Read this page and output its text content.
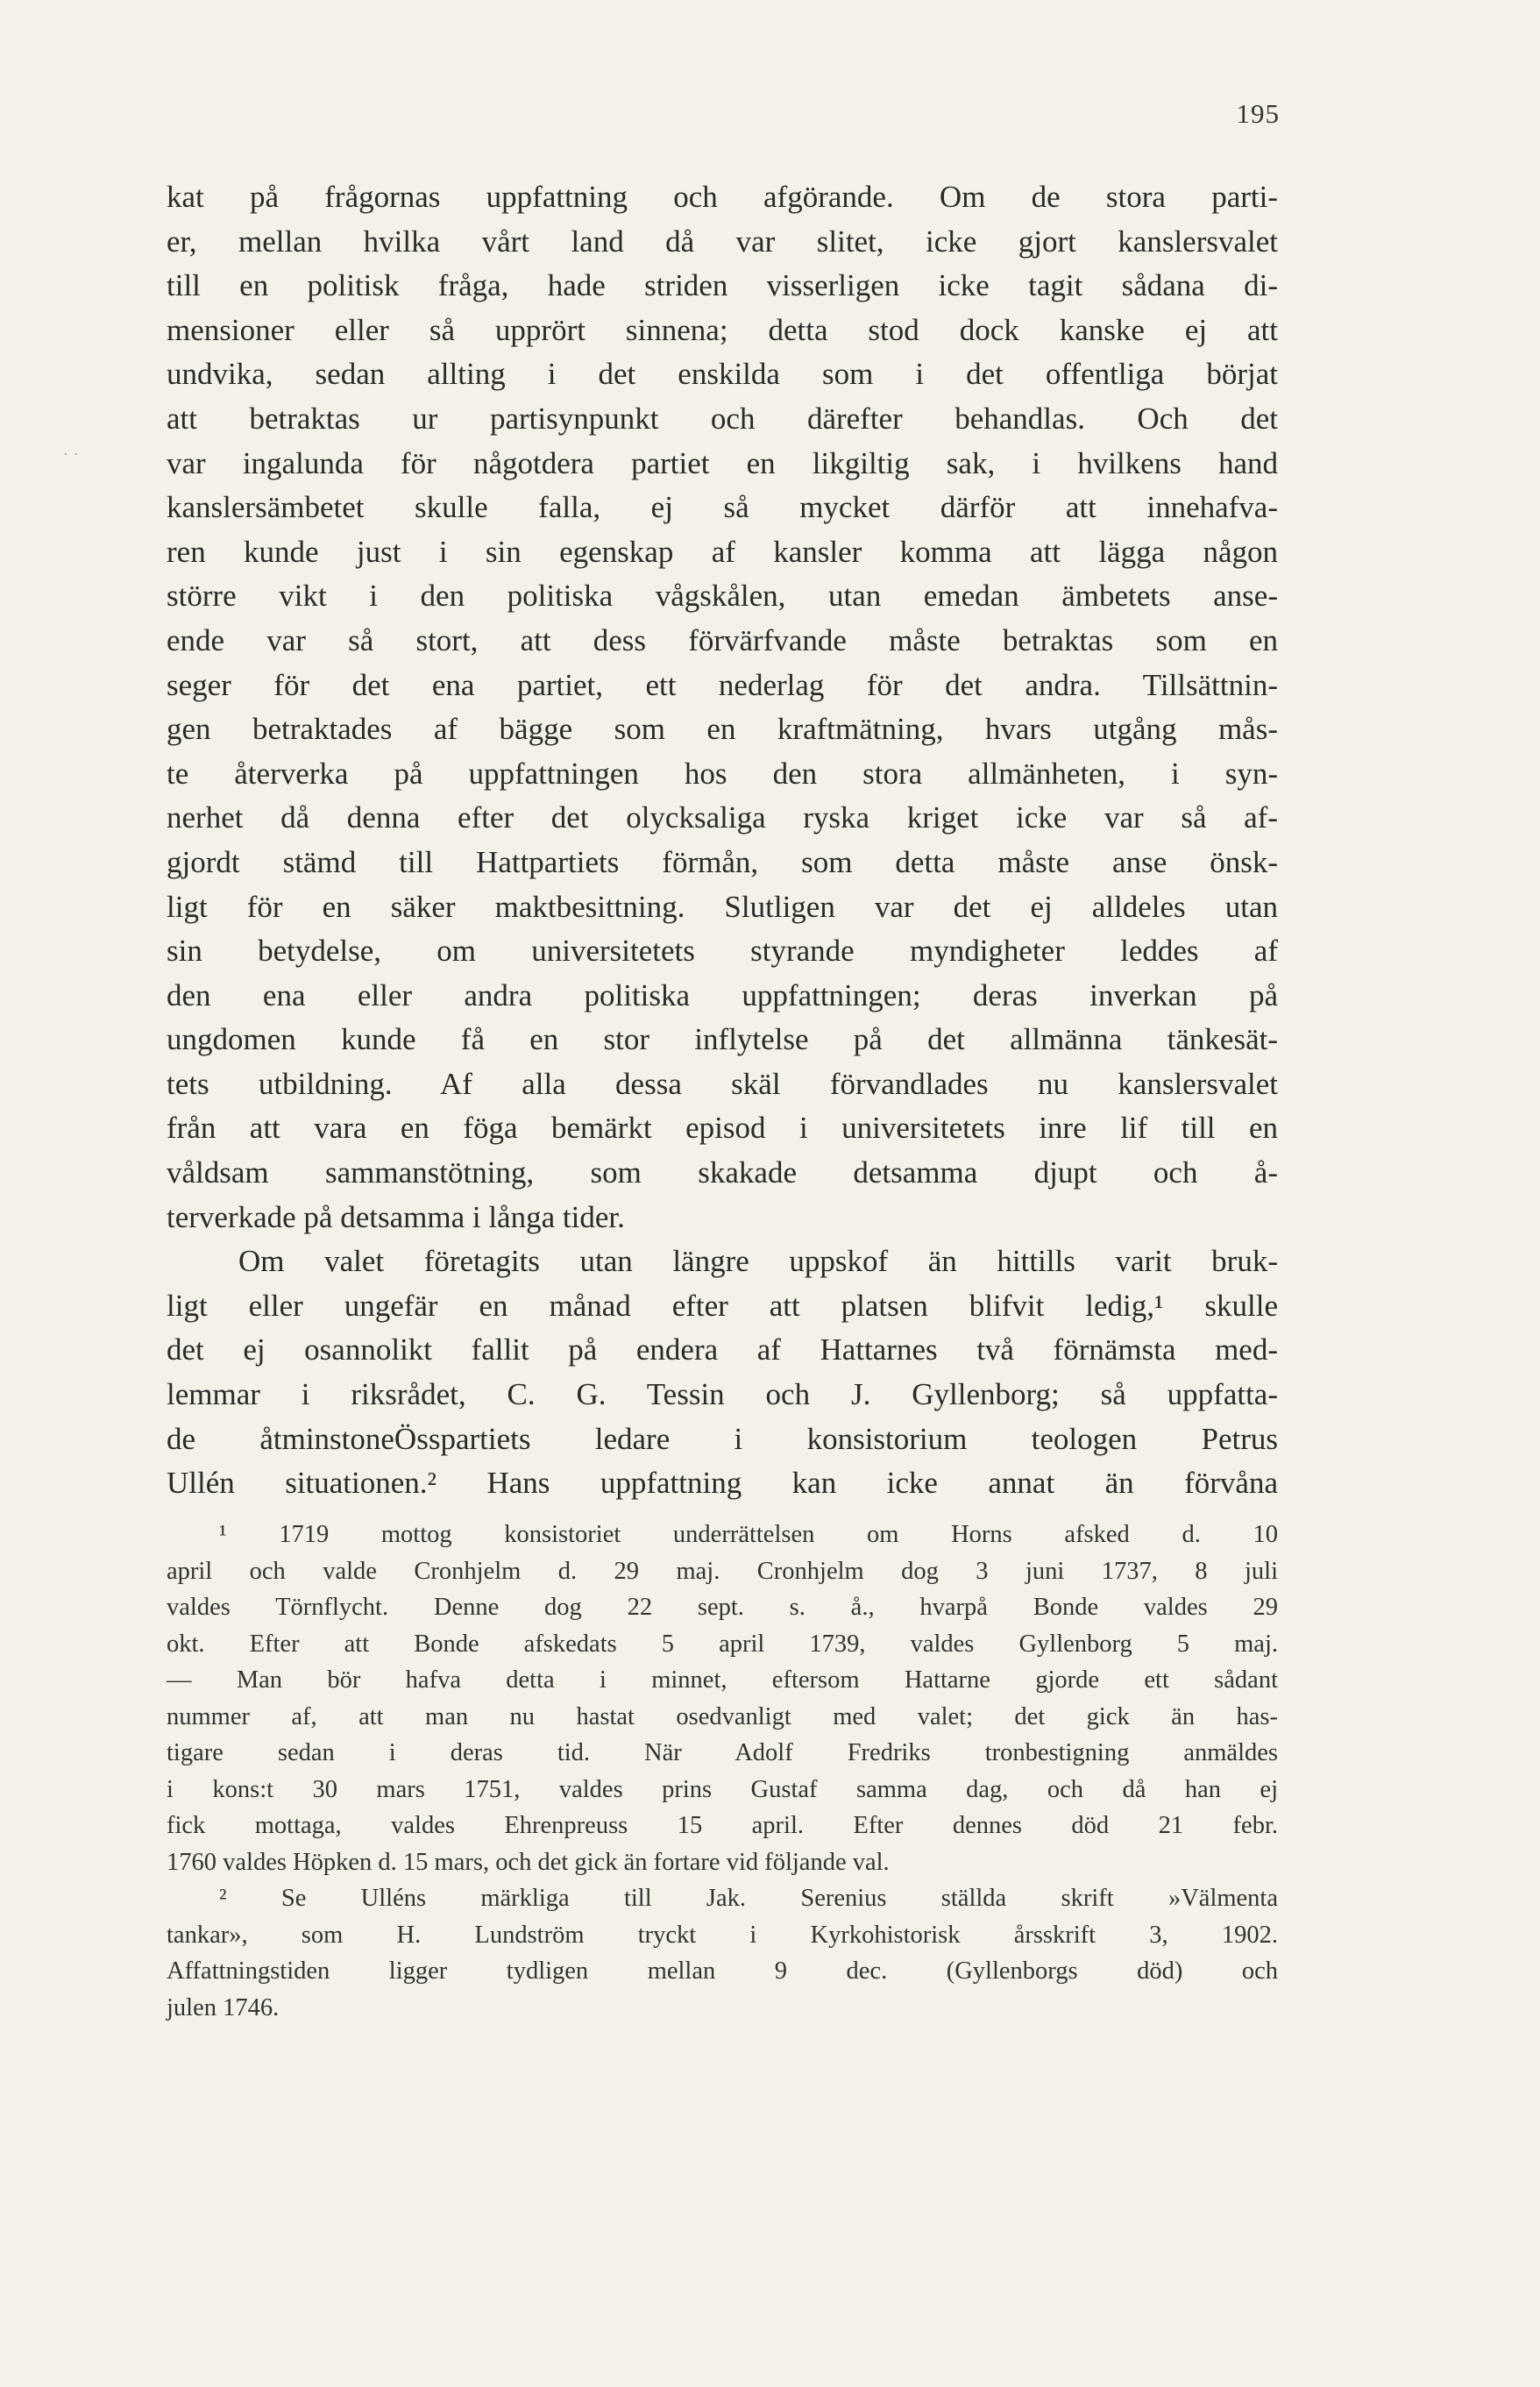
195
··

kat på frågornas uppfattning och afgörande. Om de stora parti-
er, mellan hvilka vårt land då var slitet, icke gjort kanslersvalet
till en politisk fråga, hade striden visserligen icke tagit sådana di-
mensioner eller så upprört sinnena; detta stod dock kanske ej att
undvika, sedan allting i det enskilda som i det offentliga börjat
att betraktas ur partisynpunkt och därefter behandlas. Och det
var ingalunda för någotdera partiet en likgiltig sak, i hvilkens hand
kanslersämbetet skulle falla, ej så mycket därför att innehafva-
ren kunde just i sin egenskap af kansler komma att lägga någon
större vikt i den politiska vågskålen, utan emedan ämbetets anse-
ende var så stort, att dess förvärfvande måste betraktas som en
seger för det ena partiet, ett nederlag för det andra. Tillsättnin-
gen betraktades af bägge som en kraftmätning, hvars utgång mås-
te återverka på uppfattningen hos den stora allmänheten, i syn-
nerhet då denna efter det olycksaliga ryska kriget icke var så af-
gjordt stämd till Hattpartiets förmån, som detta måste anse önsk-
ligt för en säker maktbesittning. Slutligen var det ej alldeles utan
sin betydelse, om universitetets styrande myndigheter leddes af
den ena eller andra politiska uppfattningen; deras inverkan på
ungdomen kunde få en stor inflytelse på det allmänna tänkesät-
tets utbildning. Af alla dessa skäl förvandlades nu kanslersvalet
från att vara en föga bemärkt episod i universitetets inre lif till en
våldsam sammanstötning, som skakade detsamma djupt och å-
terverkade på detsamma i långa tider.
Om valet företagits utan längre uppskof än hittills varit bruk-
ligt eller ungefär en månad efter att platsen blifvit ledig,¹ skulle
det ej osannolikt fallit på endera af Hattarnes två förnämsta med-
lemmar i riksrådet, C. G. Tessin och J. Gyllenborg; så uppfatta-
de åtminstoneÖsspartiets ledare i konsistorium teologen Petrus
Ullén situationen.² Hans uppfattning kan icke annat än förvåna

¹ 1719 mottog konsistoriet underrättelsen om Horns afsked d. 10
april och valde Cronhjelm d. 29 maj. Cronhjelm dog 3 juni 1737, 8 juli
valdes Törnflycht. Denne dog 22 sept. s. å., hvarpå Bonde valdes 29
okt. Efter att Bonde afskedats 5 april 1739, valdes Gyllenborg 5 maj.
— Man bör hafva detta i minnet, eftersom Hattarne gjorde ett sådant
nummer af, att man nu hastat osedvanligt med valet; det gick än has-
tigare sedan i deras tid. När Adolf Fredriks tronbestigning anmäldes
i kons:t 30 mars 1751, valdes prins Gustaf samma dag, och då han ej
fick mottaga, valdes Ehrenpreuss 15 april. Efter dennes död 21 febr.
1760 valdes Höpken d. 15 mars, och det gick än fortare vid följande val.
² Se Ulléns märkliga till Jak. Serenius ställda skrift »Välmenta
tankar», som H. Lundström tryckt i Kyrkohistorisk årsskrift 3, 1902.
Affattningstiden ligger tydligen mellan 9 dec. (Gyllenborgs död) och
julen 1746.
